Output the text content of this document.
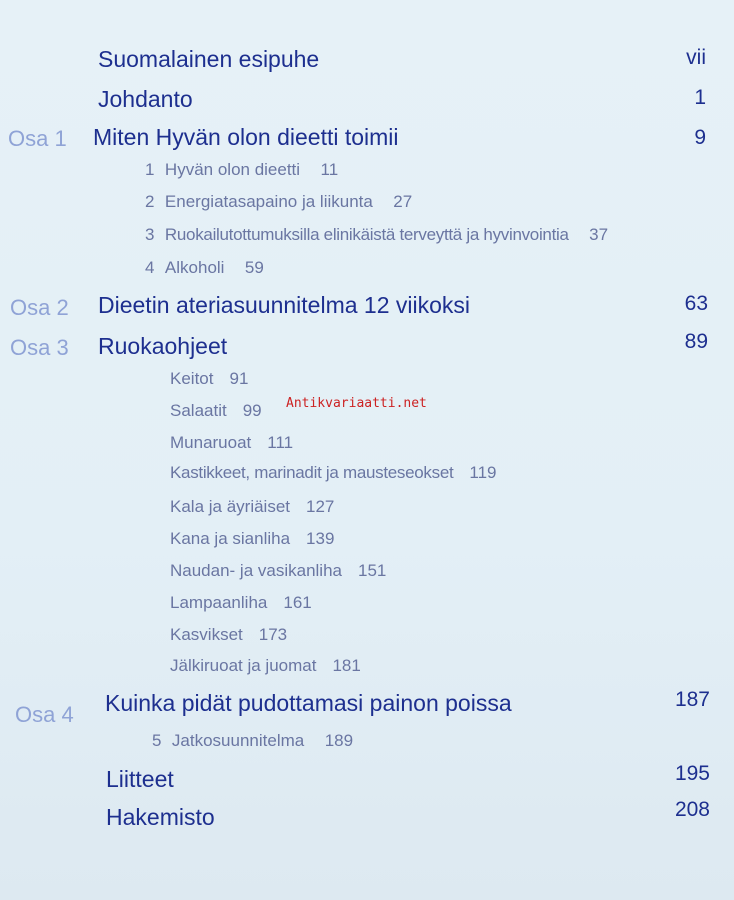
Suomalainen esipuhe	vii
Johdanto	1
Osa 1 Miten Hyvän olon dieetti toimii	9
1 Hyvän olon dieetti 11
2 Energiatasapaino ja liikunta 27
3 Ruokailutottumuksilla elinikäistä terveyttä ja hyvinvointia 37
4 Alkoholi 59
Osa 2 Dieetin ateriasuunnitelma 12 viikoksi	63
Osa 3 Ruokaohjeet	89
Keitot 91
Salaatit 99
Munaruoat 111
Kastikkeet, marinadit ja mausteseokset 119
Kala ja äyriäiset 127
Kana ja sianliha 139
Naudan- ja vasikanliha 151
Lampaanliha 161
Kasvikset 173
Jälkiruoat ja juomat 181
Osa 4 Kuinka pidät pudottamasi painon poissa	187
5 Jatkosuunnitelma 189
Liitteet	195
Hakemisto	208
Antikvariaatti.net
